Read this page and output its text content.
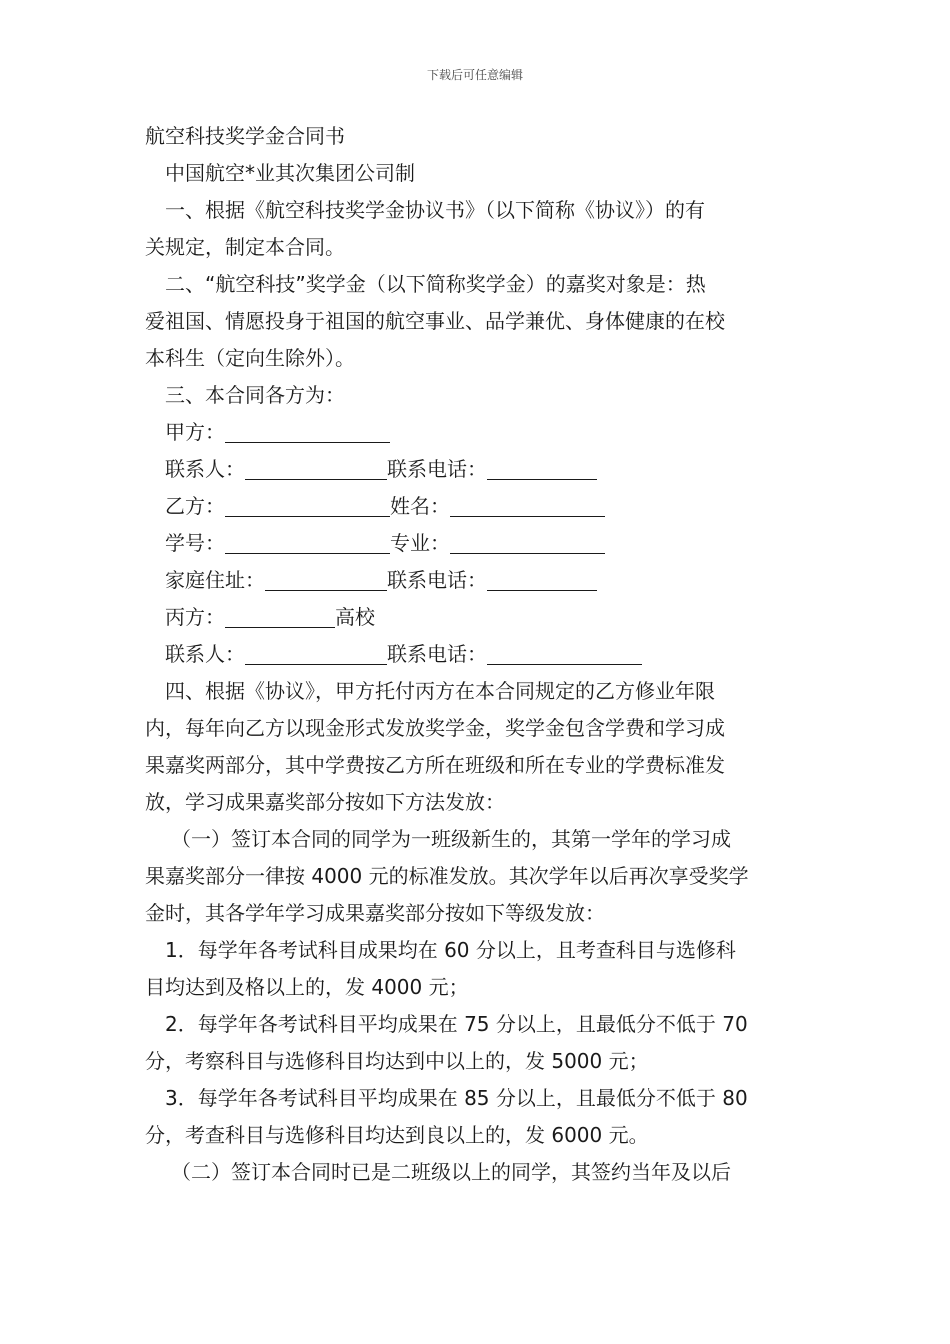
下载后可任意编辑
航空科技奖学金合同书
中国航空*业其次集团公司制
一、根据《航空科技奖学金协议书》（以下简称《协议》）的有
关规定，制定本合同。
二、“航空科技”奖学金（以下简称奖学金）的嘉奖对象是：热
爱祖国、情愿投身于祖国的航空事业、品学兼优、身体健康的在校
本科生（定向生除外）。
三、本合同各方为：
甲方：
联系人：	联系电话：
乙方：	姓名：
学号：	专业：
家庭住址：	联系电话：
丙方：	高校
联系人：	联系电话：
四、根据《协议》，甲方托付丙方在本合同规定的乙方修业年限
内，每年向乙方以现金形式发放奖学金，奖学金包含学费和学习成
果嘉奖两部分，其中学费按乙方所在班级和所在专业的学费标准发
放，学习成果嘉奖部分按如下方法发放：
（一）签订本合同的同学为一班级新生的，其第一学年的学习成
果嘉奖部分一律按 4000 元的标准发放。其次学年以后再次享受奖学
金时，其各学年学习成果嘉奖部分按如下等级发放：
1．每学年各考试科目成果均在 60 分以上，且考查科目与选修科
目均达到及格以上的，发 4000 元；
2．每学年各考试科目平均成果在 75 分以上，且最低分不低于 70
分，考察科目与选修科目均达到中以上的，发 5000 元；
3．每学年各考试科目平均成果在 85 分以上，且最低分不低于 80
分，考查科目与选修科目均达到良以上的，发 6000 元。
（二）签订本合同时已是二班级以上的同学，其签约当年及以后
